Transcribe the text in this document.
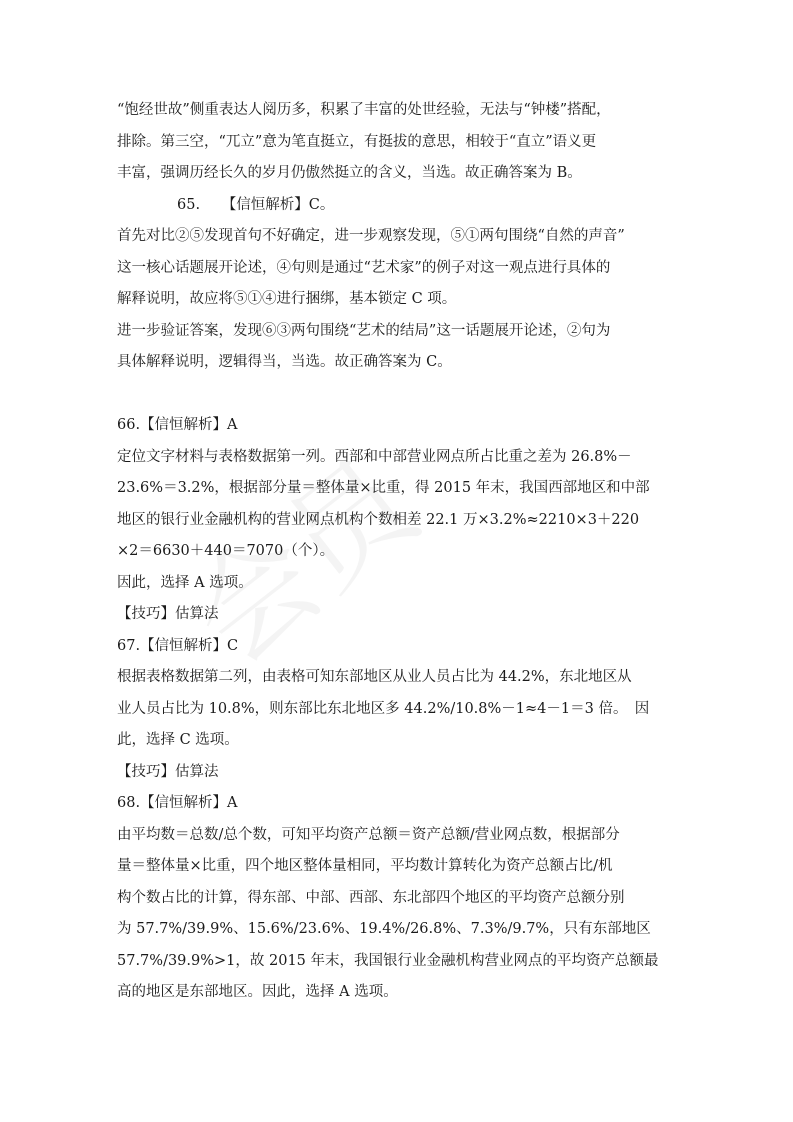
“饱经世故”侧重表达人阅历多，积累了丰富的处世经验，无法与“钟楼”搭配，
排除。第三空，“兀立”意为笔直挺立，有挺拔的意思，相较于“直立”语义更
丰富，强调历经长久的岁月仍傲然挺立的含义，当选。故正确答案为 B。
65.　　【信恒解析】C。
首先对比②⑤发现首句不好确定，进一步观察发现，⑤①两句围绕“自然的声音”
这一核心话题展开论述，④句则是通过“艺术家”的例子对这一观点进行具体的
解释说明，故应将⑤①④进行捆绑，基本锁定 C 项。
进一步验证答案，发现⑥③两句围绕“艺术的结局”这一话题展开论述，②句为
具体解释说明，逻辑得当，当选。故正确答案为 C。
66.【信恒解析】A
定位文字材料与表格数据第一列。西部和中部营业网点所占比重之差为 26.8%－
23.6%＝3.2%，根据部分量＝整体量×比重，得 2015 年末，我国西部地区和中部
地区的银行业金融机构的营业网点机构个数相差 22.1 万×3.2%≈2210×3＋220
×2＝6630＋440＝7070（个）。
因此，选择 A 选项。
【技巧】估算法
67.【信恒解析】C
根据表格数据第二列，由表格可知东部地区从业人员占比为 44.2%，东北地区从
业人员占比为 10.8%，则东部比东北地区多 44.2%/10.8%－1≈4－1＝3 倍。　因
此，选择 C 选项。
【技巧】估算法
68.【信恒解析】A
由平均数＝总数/总个数，可知平均资产总额＝资产总额/营业网点数，根据部分
量＝整体量×比重，四个地区整体量相同，平均数计算转化为资产总额占比/机
构个数占比的计算，得东部、中部、西部、东北部四个地区的平均资产总额分别
为 57.7%/39.9%、15.6%/23.6%、19.4%/26.8%、7.3%/9.7%，只有东部地区
57.7%/39.9%>1，故 2015 年末，我国银行业金融机构营业网点的平均资产总额最
高的地区是东部地区。因此，选择 A 选项。
